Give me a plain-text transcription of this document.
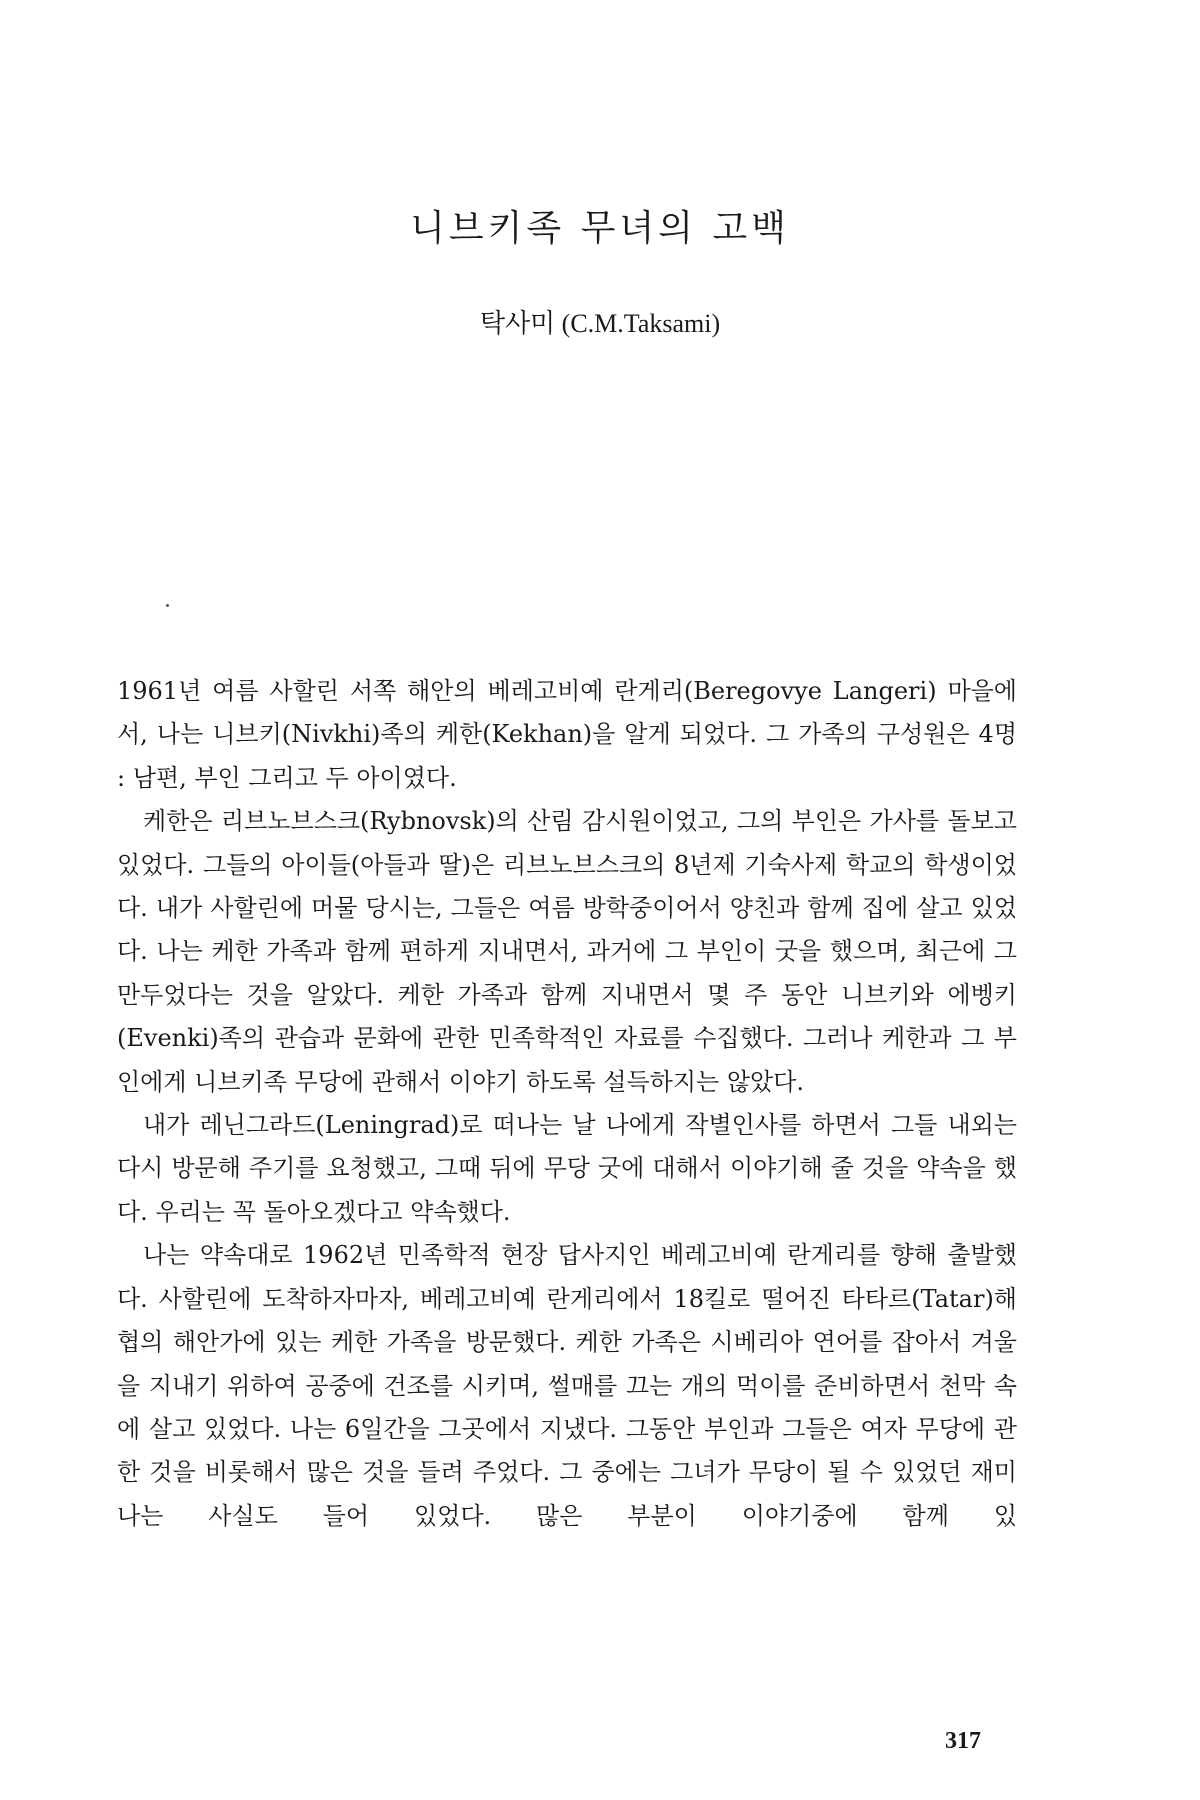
니브키족 무녀의 고백

탁사미 (C.M.Taksami)

1961년 여름 사할린 서쪽 해안의 베레고비예 란게리(Beregovye Langeri) 마을에서, 나는 니브키(Nivkhi)족의 케한(Kekhan)을 알게 되었다. 그 가족의 구성원은 4명 : 남편, 부인 그리고 두 아이였다.

케한은 리브노브스크(Rybnovsk)의 산림 감시원이었고, 그의 부인은 가사를 돌보고 있었다. 그들의 아이들(아들과 딸)은 리브노브스크의 8년제 기숙사제 학교의 학생이었다. 내가 사할린에 머물 당시는, 그들은 여름 방학중이어서 양친과 함께 집에 살고 있었다. 나는 케한 가족과 함께 편하게 지내면서, 과거에 그 부인이 굿을 했으며, 최근에 그만두었다는 것을 알았다. 케한 가족과 함께 지내면서 몇 주 동안 니브키와 에벵키(Evenki)족의 관습과 문화에 관한 민족학적인 자료를 수집했다. 그러나 케한과 그 부인에게 니브키족 무당에 관해서 이야기 하도록 설득하지는 않았다.

내가 레닌그라드(Leningrad)로 떠나는 날 나에게 작별인사를 하면서 그들 내외는 다시 방문해 주기를 요청했고, 그때 뒤에 무당 굿에 대해서 이야기해 줄 것을 약속을 했다. 우리는 꼭 돌아오겠다고 약속했다.

나는 약속대로 1962년 민족학적 현장 답사지인 베레고비예 란게리를 향해 출발했다. 사할린에 도착하자마자, 베레고비예 란게리에서 18킬로 떨어진 타타르(Tatar)해협의 해안가에 있는 케한 가족을 방문했다. 케한 가족은 시베리아 연어를 잡아서 겨울을 지내기 위하여 공중에 건조를 시키며, 썰매를 끄는 개의 먹이를 준비하면서 천막 속에 살고 있었다. 나는 6일간을 그곳에서 지냈다. 그동안 부인과 그들은 여자 무당에 관한 것을 비롯해서 많은 것을 들려 주었다. 그 중에는 그녀가 무당이 될 수 있었던 재미나는 사실도 들어 있었다. 많은 부분이 이야기중에 함께 있

317
